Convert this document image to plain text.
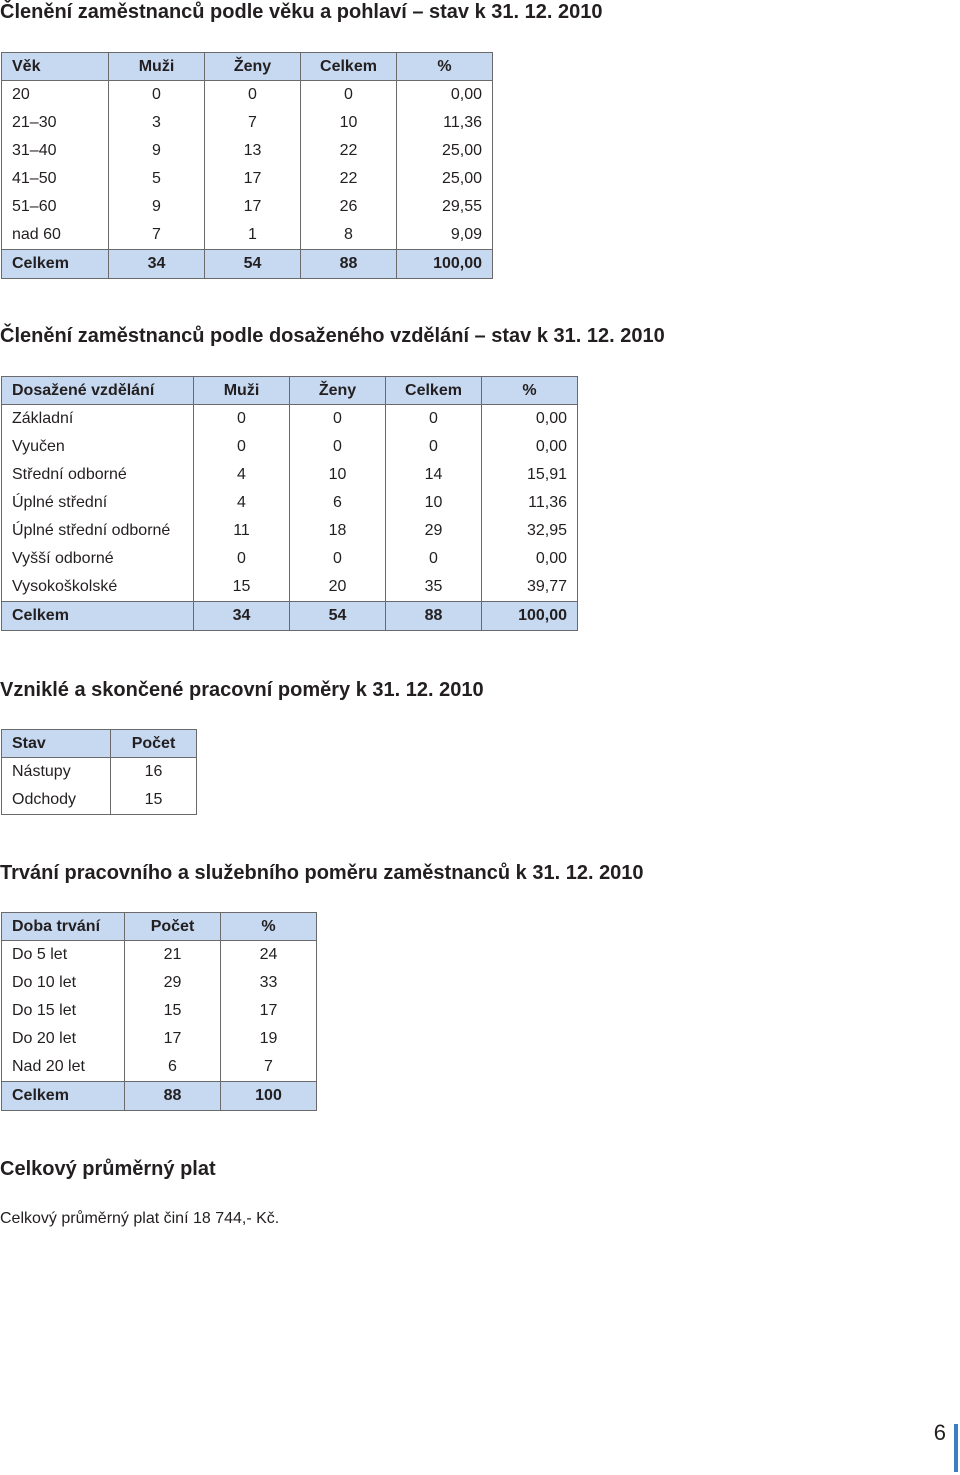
Členění zaměstnanců podle věku a pohlaví – stav k 31. 12. 2010
Věk	Muži	Ženy	Celkem	%
20	0	0	0	0,00
21–30	3	7	10	11,36
31–40	9	13	22	25,00
41–50	5	17	22	25,00
51–60	9	17	26	29,55
nad 60	7	1	8	9,09
Celkem	34	54	88	100,00
Členění zaměstnanců podle dosaženého vzdělání – stav k 31. 12. 2010
Dosažené vzdělání	Muži	Ženy	Celkem	%
Základní	0	0	0	0,00
Vyučen	0	0	0	0,00
Střední odborné	4	10	14	15,91
Úplné střední	4	6	10	11,36
Úplné střední odborné	11	18	29	32,95
Vyšší odborné	0	0	0	0,00
Vysokoškolské	15	20	35	39,77
Celkem	34	54	88	100,00
Vzniklé a skončené pracovní poměry k 31. 12. 2010
Stav	Počet
Nástupy	16
Odchody	15
Trvání pracovního a služebního poměru zaměstnanců k 31. 12. 2010
Doba trvání	Počet	%
Do 5 let	21	24
Do 10 let	29	33
Do 15 let	15	17
Do 20 let	17	19
Nad 20 let	6	7
Celkem	88	100
Celkový průměrný plat

Celkový průměrný plat činí 18 744,- Kč.

6
